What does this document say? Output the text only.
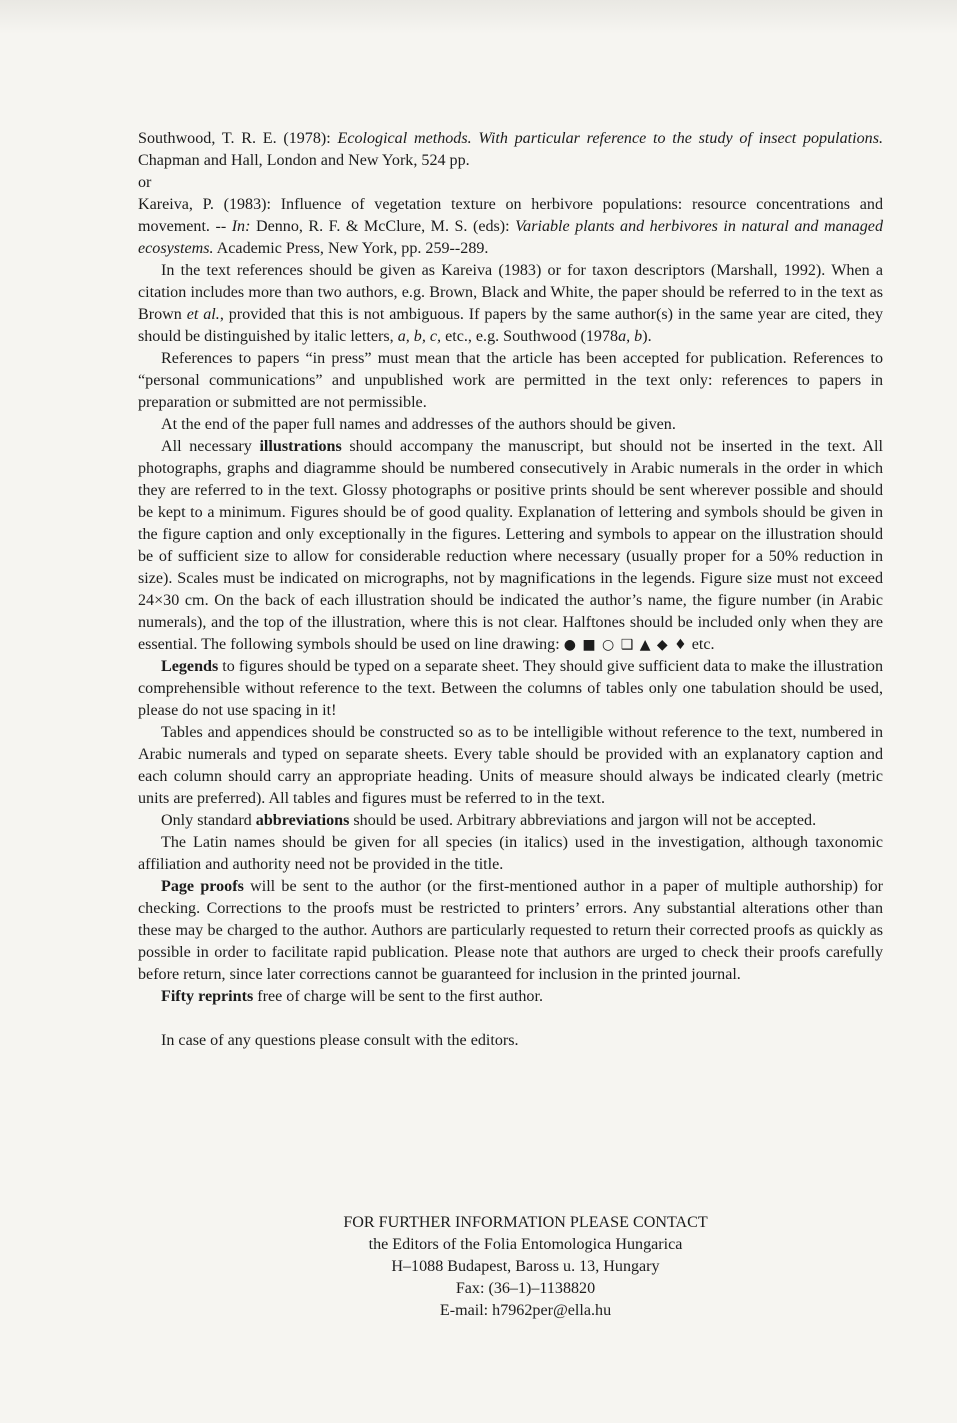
Southwood, T. R. E. (1978): Ecological methods. With particular reference to the study of insect populations. Chapman and Hall, London and New York, 524 pp.

or

Kareiva, P. (1983): Influence of vegetation texture on herbivore populations: resource concentrations and movement. -- In: Denno, R. F. & McClure, M. S. (eds): Variable plants and herbivores in natural and managed ecosystems. Academic Press, New York, pp. 259--289.

In the text references should be given as Kareiva (1983) or for taxon descriptors (Marshall, 1992). When a citation includes more than two authors, e.g. Brown, Black and White, the paper should be referred to in the text as Brown et al., provided that this is not ambiguous. If papers by the same author(s) in the same year are cited, they should be distinguished by italic letters, a, b, c, etc., e.g. Southwood (1978a, b).

References to papers “in press” must mean that the article has been accepted for publication. References to “personal communications” and unpublished work are permitted in the text only: references to papers in preparation or submitted are not permissible.

At the end of the paper full names and addresses of the authors should be given.

All necessary illustrations should accompany the manuscript, but should not be inserted in the text. All photographs, graphs and diagramme should be numbered consecutively in Arabic numerals in the order in which they are referred to in the text. Glossy photographs or positive prints should be sent wherever possible and should be kept to a minimum. Figures should be of good quality. Explanation of lettering and symbols should be given in the figure caption and only exceptionally in the figures. Lettering and symbols to appear on the illustration should be of sufficient size to allow for considerable reduction where necessary (usually proper for a 50% reduction in size). Scales must be indicated on micrographs, not by magnifications in the legends. Figure size must not exceed 24×30 cm. On the back of each illustration should be indicated the author’s name, the figure number (in Arabic numerals), and the top of the illustration, where this is not clear. Halftones should be included only when they are essential. The following symbols should be used on line drawing: ● ■ ○ ❑ ▲ ◆ ♦ etc.

Legends to figures should be typed on a separate sheet. They should give sufficient data to make the illustration comprehensible without reference to the text. Between the columns of tables only one tabulation should be used, please do not use spacing in it!

Tables and appendices should be constructed so as to be intelligible without reference to the text, numbered in Arabic numerals and typed on separate sheets. Every table should be provided with an explanatory caption and each column should carry an appropriate heading. Units of measure should always be indicated clearly (metric units are preferred). All tables and figures must be referred to in the text.

Only standard abbreviations should be used. Arbitrary abbreviations and jargon will not be accepted.

The Latin names should be given for all species (in italics) used in the investigation, although taxonomic affiliation and authority need not be provided in the title.

Page proofs will be sent to the author (or the first-mentioned author in a paper of multiple authorship) for checking. Corrections to the proofs must be restricted to printers’ errors. Any substantial alterations other than these may be charged to the author. Authors are particularly requested to return their corrected proofs as quickly as possible in order to facilitate rapid publication. Please note that authors are urged to check their proofs carefully before return, since later corrections cannot be guaranteed for inclusion in the printed journal.

Fifty reprints free of charge will be sent to the first author.

In case of any questions please consult with the editors.

FOR FURTHER INFORMATION PLEASE CONTACT
the Editors of the Folia Entomologica Hungarica
H–1088 Budapest, Baross u. 13, Hungary
Fax: (36–1)–1138820
E-mail: h7962per@ella.hu
